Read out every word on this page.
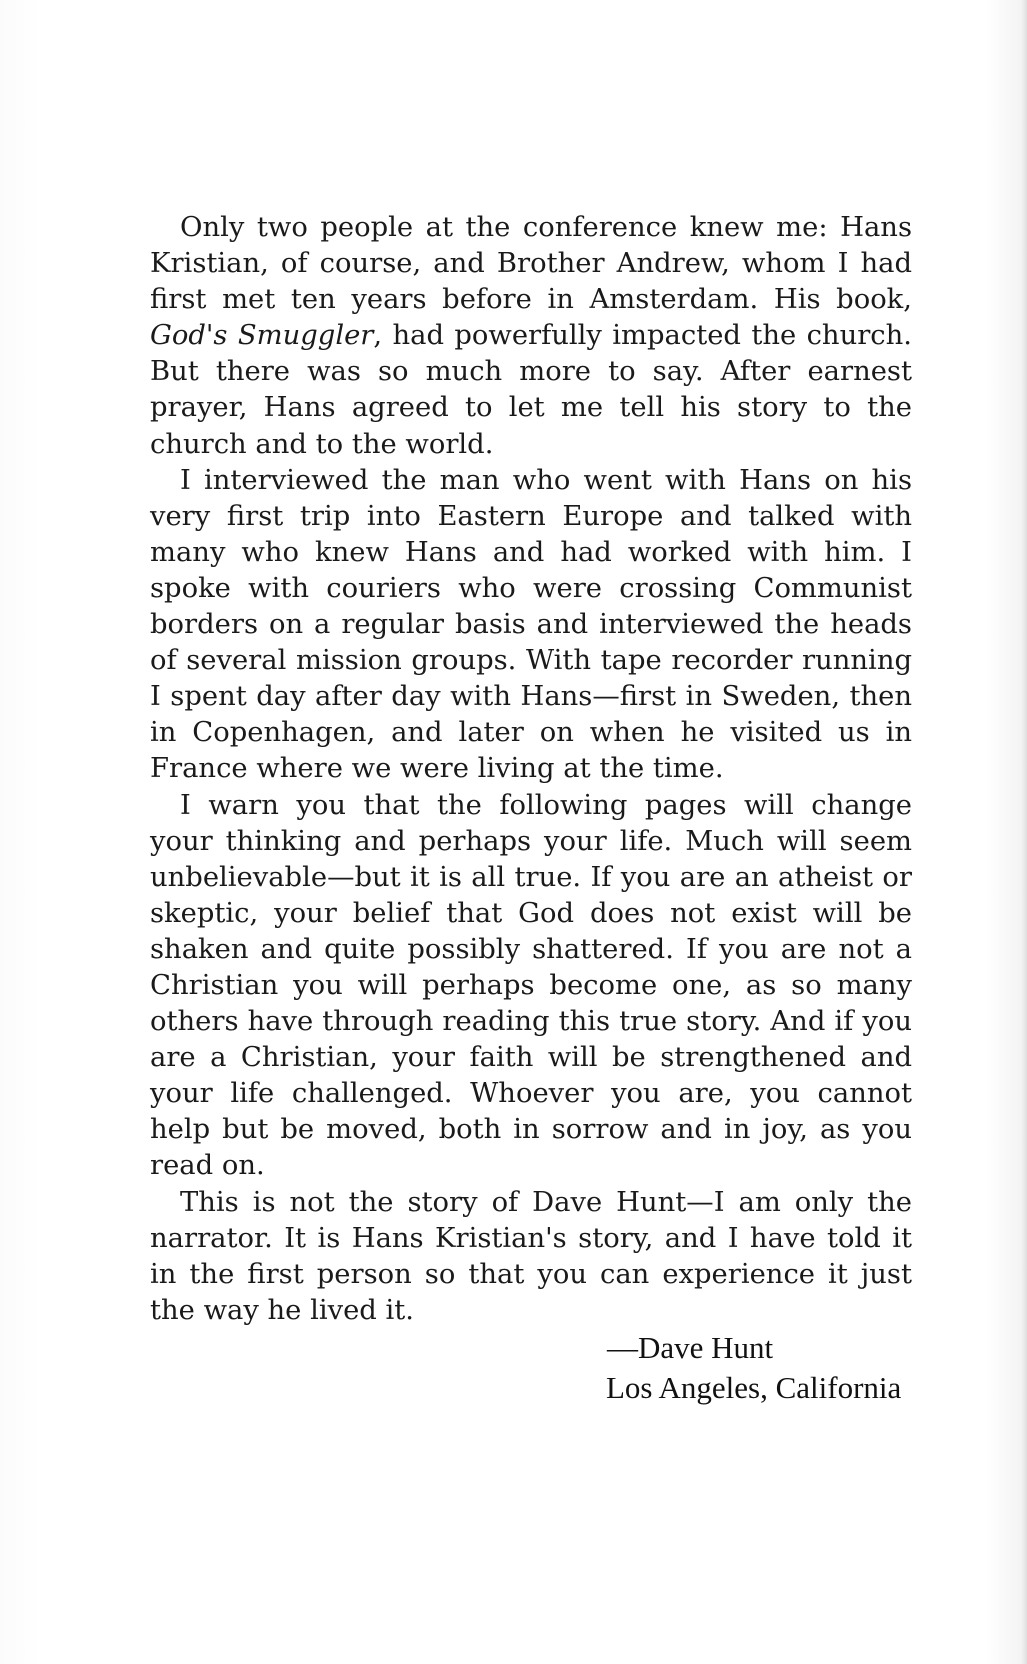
Only two people at the conference knew me: Hans Kristian, of course, and Brother Andrew, whom I had first met ten years before in Amsterdam. His book, God's Smuggler, had powerfully impacted the church. But there was so much more to say. After earnest prayer, Hans agreed to let me tell his story to the church and to the world.

I interviewed the man who went with Hans on his very first trip into Eastern Europe and talked with many who knew Hans and had worked with him. I spoke with couriers who were crossing Communist borders on a regular basis and interviewed the heads of several mission groups. With tape recorder running I spent day after day with Hans—first in Sweden, then in Copenhagen, and later on when he visited us in France where we were living at the time.

I warn you that the following pages will change your thinking and perhaps your life. Much will seem unbelievable—but it is all true. If you are an atheist or skeptic, your belief that God does not exist will be shaken and quite possibly shattered. If you are not a Christian you will perhaps become one, as so many others have through reading this true story. And if you are a Christian, your faith will be strengthened and your life challenged. Whoever you are, you cannot help but be moved, both in sorrow and in joy, as you read on.

This is not the story of Dave Hunt—I am only the narrator. It is Hans Kristian's story, and I have told it in the first person so that you can experience it just the way he lived it.

—Dave Hunt
Los Angeles, California
